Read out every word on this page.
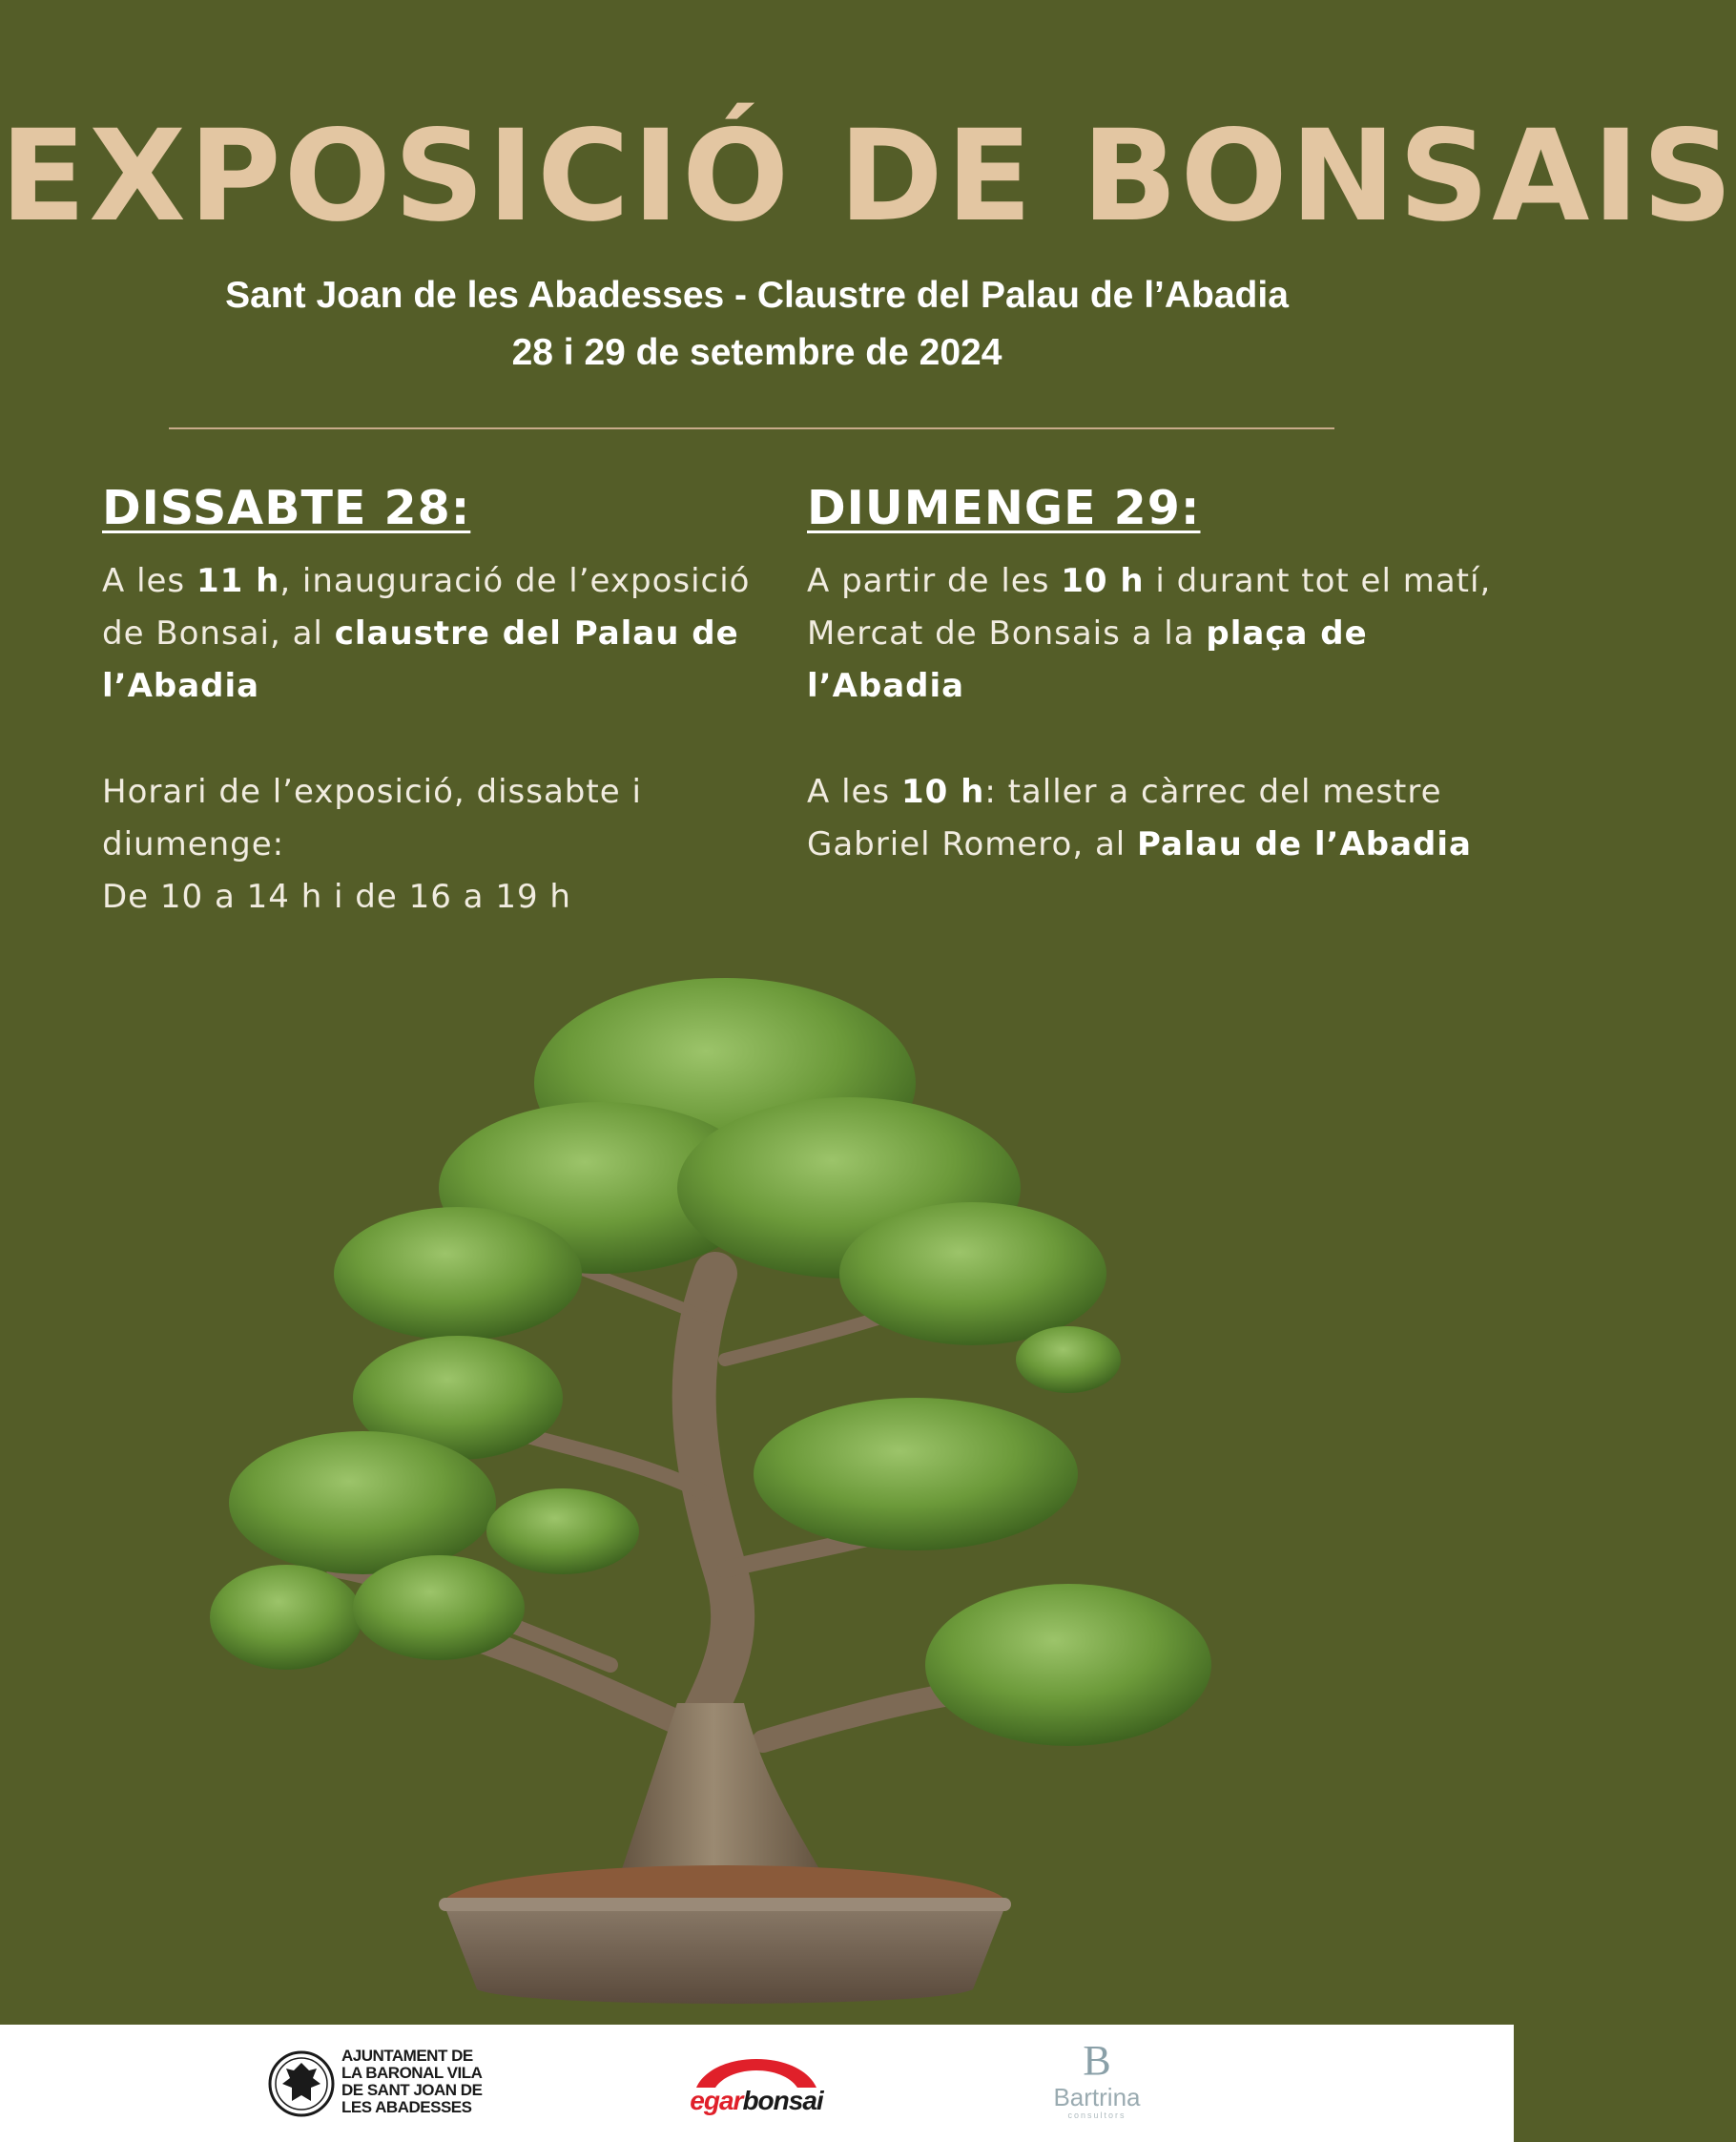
EXPOSICIÓ DE BONSAIS
Sant Joan de les Abadesses - Claustre del Palau de l’Abadia
28 i 29 de setembre de 2024
DISSABTE 28:

A les 11 h, inauguració de l’exposició de Bonsai, al claustre del Palau de l’Abadia

Horari de l’exposició, dissabte i diumenge:
De 10 a 14 h i de 16 a 19 h

DIUMENGE 29:

A partir de les 10 h i durant tot el matí, Mercat de Bonsais a la plaça de l’Abadia

A les 10 h: taller a càrrec del mestre Gabriel Romero, al Palau de l’Abadia

AJUNTAMENT DE
LA BARONAL VILA
DE SANT JOAN DE
LES ABADESSES	egarbonsai
B
Bartrina
consultors
